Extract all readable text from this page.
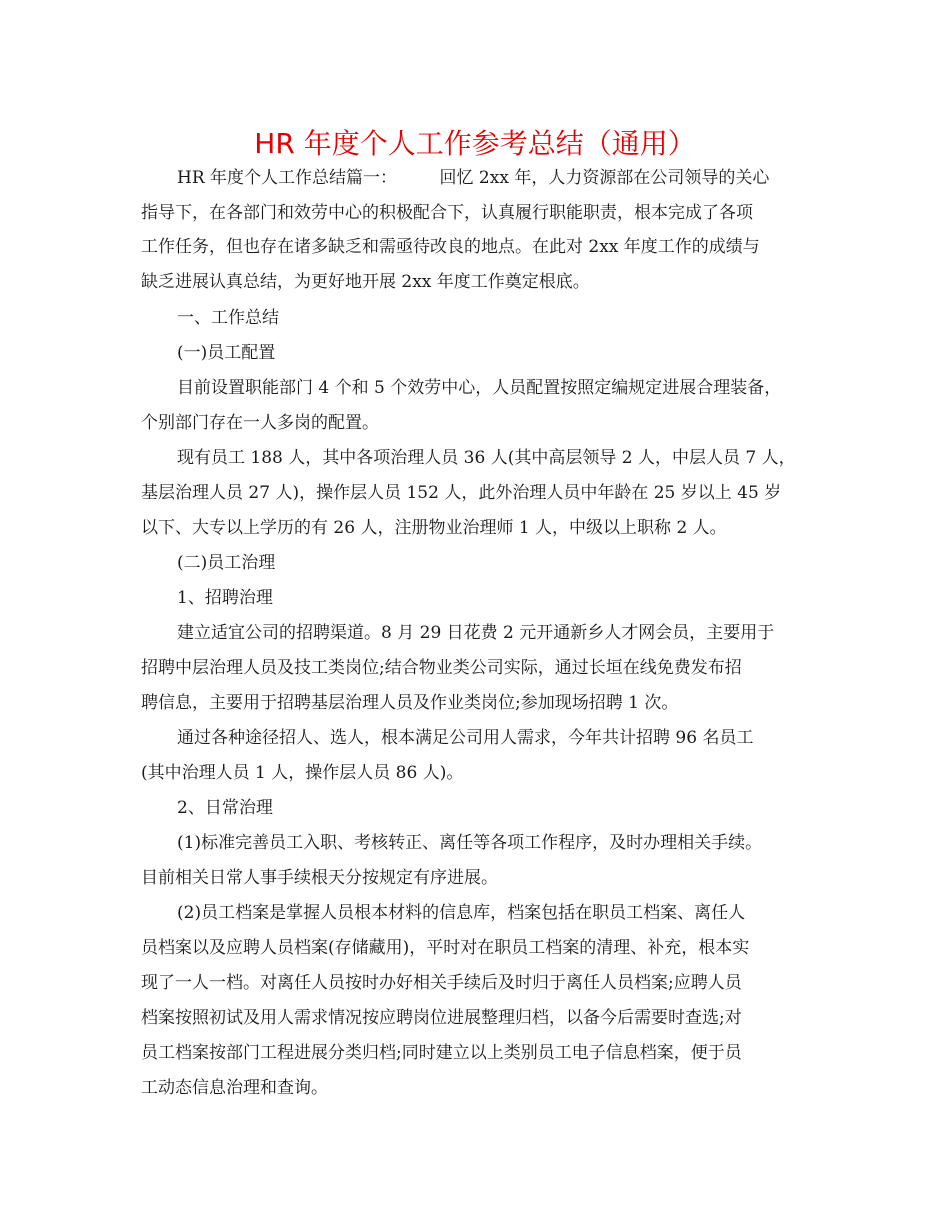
HR 年度个人工作参考总结（通用）
HR 年度个人工作总结篇一：　　　回忆 2xx 年，人力资源部在公司领导的关心
指导下，在各部门和效劳中心的积极配合下，认真履行职能职责，根本完成了各项
工作任务，但也存在诸多缺乏和需亟待改良的地点。在此对 2xx 年度工作的成绩与
缺乏进展认真总结，为更好地开展 2xx 年度工作奠定根底。
一、工作总结
(一)员工配置
目前设置职能部门 4 个和 5 个效劳中心，人员配置按照定编规定进展合理装备，
个别部门存在一人多岗的配置。
现有员工 188 人，其中各项治理人员 36 人(其中高层领导 2 人，中层人员 7 人，
基层治理人员 27 人)，操作层人员 152 人，此外治理人员中年龄在 25 岁以上 45 岁
以下、大专以上学历的有 26 人，注册物业治理师 1 人，中级以上职称 2 人。
(二)员工治理
1、招聘治理
建立适宜公司的招聘渠道。8 月 29 日花费 2 元开通新乡人才网会员，主要用于
招聘中层治理人员及技工类岗位;结合物业类公司实际，通过长垣在线免费发布招
聘信息，主要用于招聘基层治理人员及作业类岗位;参加现场招聘 1 次。
通过各种途径招人、选人，根本满足公司用人需求，今年共计招聘 96 名员工
(其中治理人员 1 人，操作层人员 86 人)。
2、日常治理
(1)标准完善员工入职、考核转正、离任等各项工作程序，及时办理相关手续。
目前相关日常人事手续根天分按规定有序进展。
(2)员工档案是掌握人员根本材料的信息库，档案包括在职员工档案、离任人
员档案以及应聘人员档案(存储藏用)，平时对在职员工档案的清理、补充，根本实
现了一人一档。对离任人员按时办好相关手续后及时归于离任人员档案;应聘人员
档案按照初试及用人需求情况按应聘岗位进展整理归档，以备今后需要时查选;对
员工档案按部门工程进展分类归档;同时建立以上类别员工电子信息档案，便于员
工动态信息治理和查询。
